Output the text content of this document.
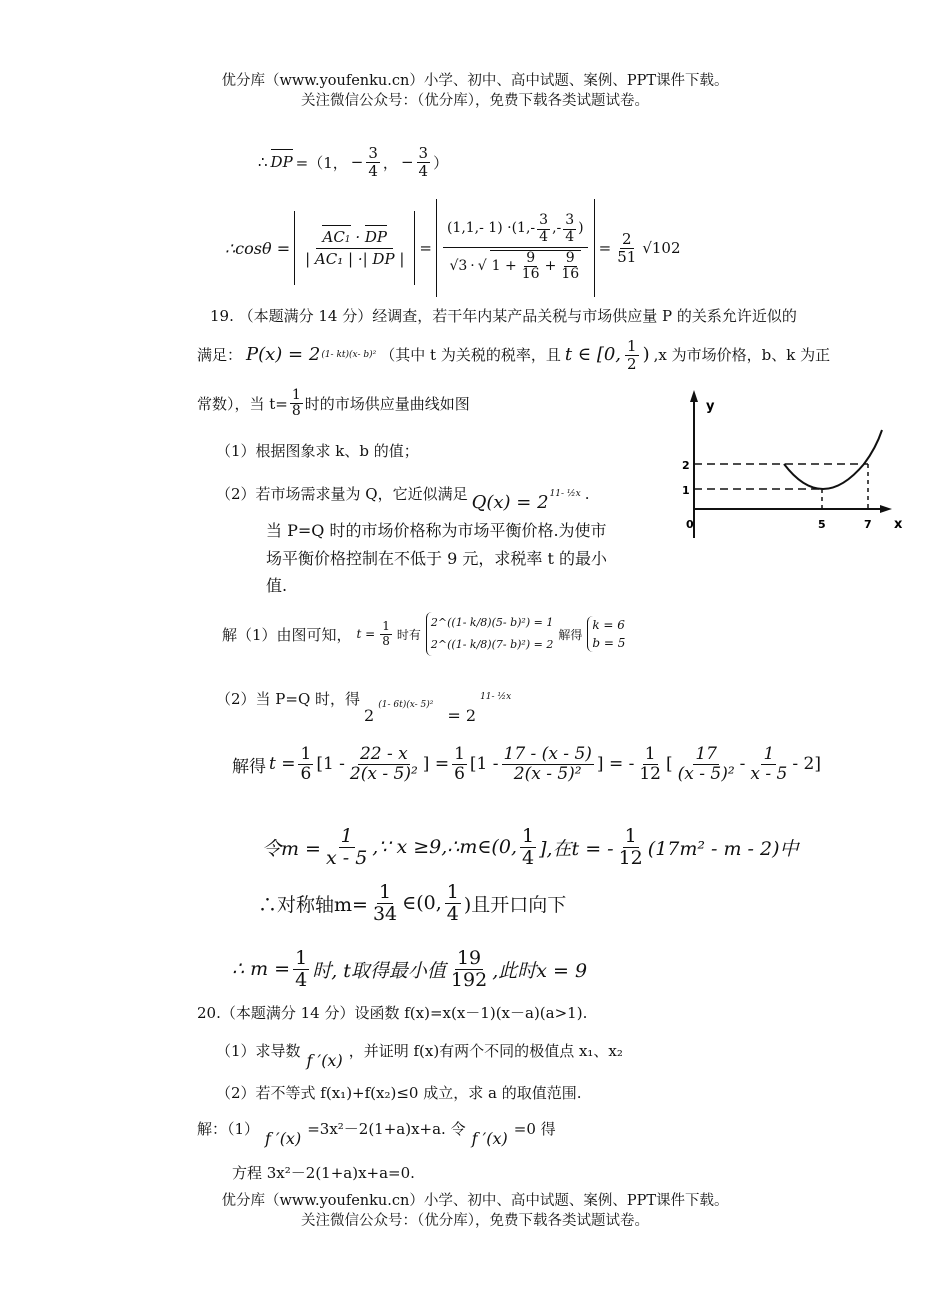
优分库（www.youfenku.cn）小学、初中、高中试题、案例、PPT课件下载。
关注微信公众号：（优分库），免费下载各类试题试卷。
∴ DP =（1， − $\frac{3}{4}$ ， − $\frac{3}{4}$ ）
∴cosθ =
AC1 · DP
| AC₁ | ·| DP |
=
(1,1,- 1) ·(1,-
3
4
,-
3
4
)
√3 · √ $1 + \frac{9}{16} + \frac{9}{16}$
= $\frac{2}{51} √102$
19. （本题满分 14 分）经调查，若干年内某产品关税与市场供应量 P 的关系允许近似的
满足： P(x) = 2 (1- kt)(x- b)² （其中 t 为关税的税率，且 t ∈ [0, 1
2 ) ,x 为市场价格，b、k 为正
常数），当 $t= \frac{1}{8}$ 时的市场供应量曲线如图
（1）根据图象求 k、b 的值；
（2）若市场需求量为 Q，它近似满足 Q(x) = 2 11- ½x .
当 P=Q 时的市场价格称为市场平衡价格.为使市
场平衡价格控制在不低于 9 元，求税率 t 的最小
值.
y
x
0	5	7
2
1
解（1）由图可知， $t = \frac{1}{8}$ 时有
2^((1- k/8)(5- b)²) = 1
2^((1- k/8)(7- b)²) = 2
解得
k = 6
b = 5
（2）当 P=Q 时，得
2
(1- 6t)(x- 5)²
= 2
11- ½x
解得 $t = \frac{1}{6} [1$ -
22 - x
2(x - 5)² ] = $\frac{1}{6} [1$ -
17 - (x - 5)
2(x - 5)² ] = -
1
12 [
17
(x - 5)² -
1
x - 5 - 2]
令$m = \frac{1}{x - 5}$ ,∵ x ≥9,∴m∈(0,
1
4 ],在t = -
1
12 (17m² - m - 2)中
∴对称轴$m= \frac{1}{34}$ ∈(0,
1
4 )且开口向下
∴ $m = \frac{1}{4}$ 时, t取得最小值
19
192 ,此时x = 9
20.（本题满分 14 分）设函数 f(x)=x(x－1)(x－a)(a>1).
（1）求导数 f ′(x) ，并证明 f(x)有两个不同的极值点 x₁、x₂
（2）若不等式 f(x₁)+f(x₂)≤0 成立，求 a 的取值范围.
解：（1） f ′(x) =3x²－2(1+a)x+a. 令 f ′(x) =0 得
方程 3x²－2(1+a)x+a=0.
优分库（www.youfenku.cn）小学、初中、高中试题、案例、PPT课件下载。
关注微信公众号：（优分库），免费下载各类试题试卷。
